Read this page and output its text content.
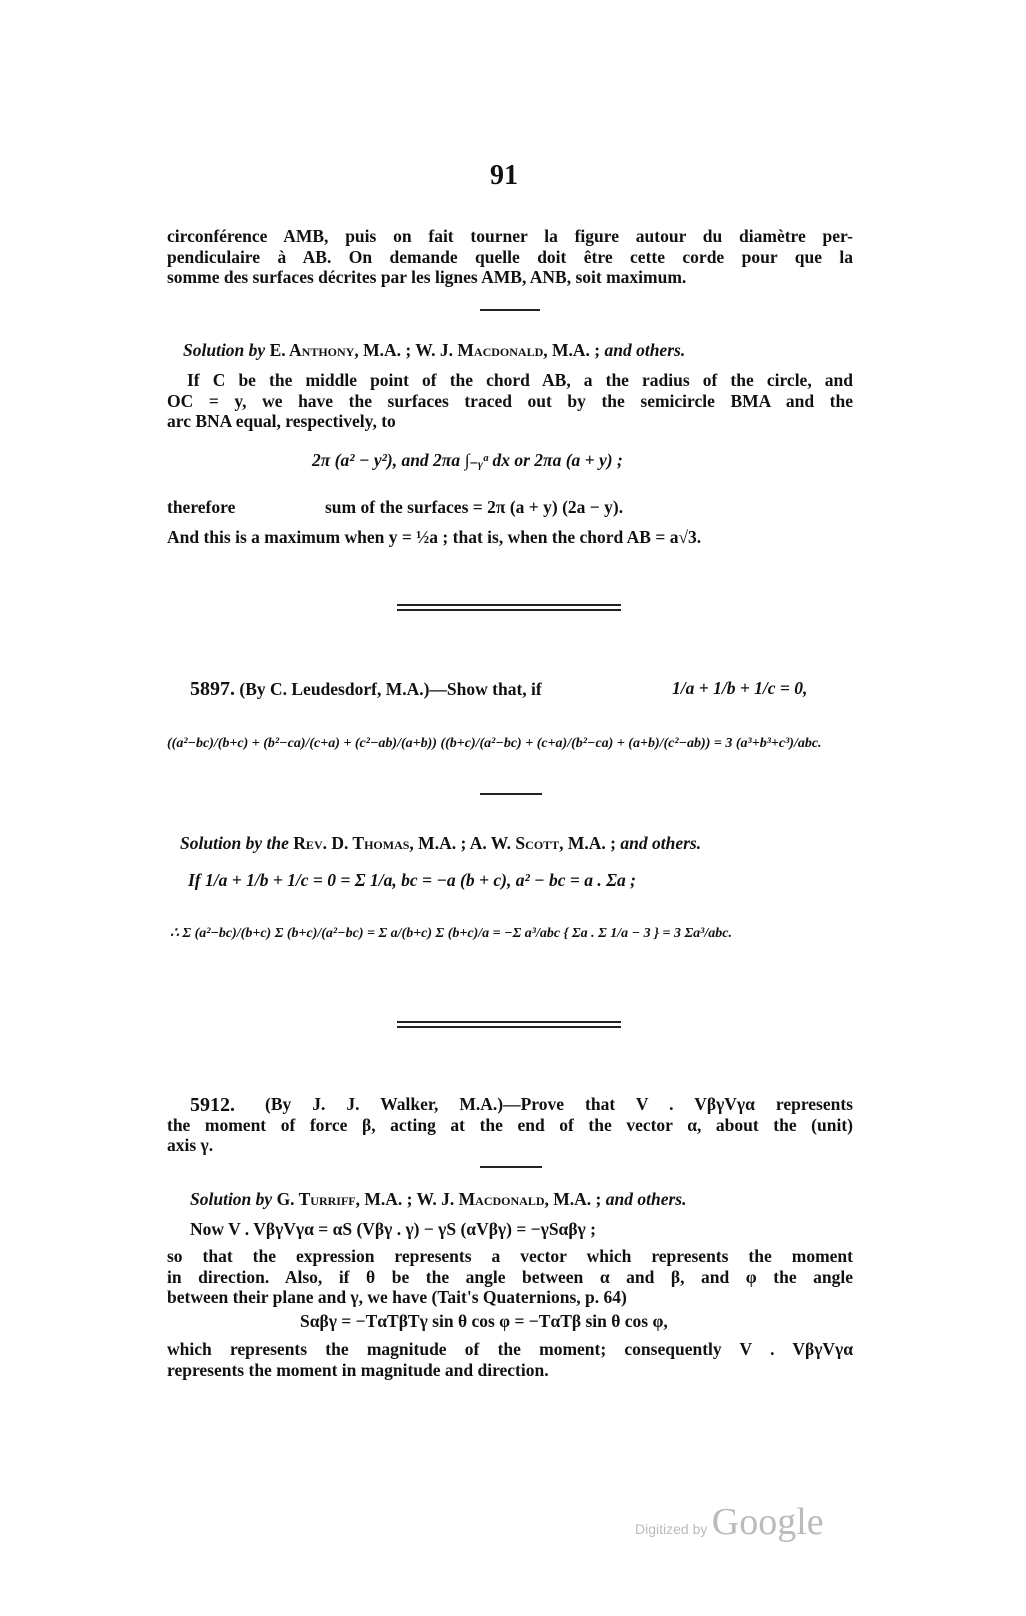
91
circonférence AMB, puis on fait tourner la figure autour du diamètre per-
pendiculaire à AB. On demande quelle doit être cette corde pour que la
somme des surfaces décrites par les lignes AMB, ANB, soit maximum.
Solution by E. Anthony, M.A. ; W. J. Macdonald, M.A. ; and others.
If C be the middle point of the chord AB, a the radius of the circle, and
OC = y, we have the surfaces traced out by the semicircle BMA and the
arc BNA equal, respectively, to
2π (a² − y²), and 2πa ∫₋ᵧᵃ dx or 2πa (a + y) ;
therefore	sum of the surfaces = 2π (a + y) (2a − y).
And this is a maximum when y = ½a ; that is, when the chord AB = a√3.
5897. (By C. Leudesdorf, M.A.)—Show that, if	1/a + 1/b + 1/c = 0,
((a²−bc)/(b+c) + (b²−ca)/(c+a) + (c²−ab)/(a+b)) ((b+c)/(a²−bc) + (c+a)/(b²−ca) + (a+b)/(c²−ab)) = 3 (a³+b³+c³)/abc.
Solution by the Rev. D. Thomas, M.A. ; A. W. Scott, M.A. ; and others.
If 1/a + 1/b + 1/c = 0 = Σ 1/a, bc = −a (b + c), a² − bc = a . Σa ;
∴ Σ (a²−bc)/(b+c) Σ (b+c)/(a²−bc) = Σ a/(b+c) Σ (b+c)/a = −Σ a³/abc { Σa . Σ 1/a − 3 } = 3 Σa³/abc.
5912.	(By J. J. Walker, M.A.)—Prove that V . VβγVγα represents
the moment of force β, acting at the end of the vector α, about the (unit)
axis γ.
Solution by G. Turriff, M.A. ; W. J. Macdonald, M.A. ; and others.
Now V . VβγVγα = αS (Vβγ . γ) − γS (αVβγ) = −γSαβγ ;
so that the expression represents a vector which represents the moment
in direction. Also, if θ be the angle between α and β, and φ the angle
between their plane and γ, we have (Tait's Quaternions, p. 64)
Sαβγ = −TαTβTγ sin θ cos φ = −TαTβ sin θ cos φ,
which represents the magnitude of the moment; consequently V . VβγVγα
represents the moment in magnitude and direction.
Digitized by Google
